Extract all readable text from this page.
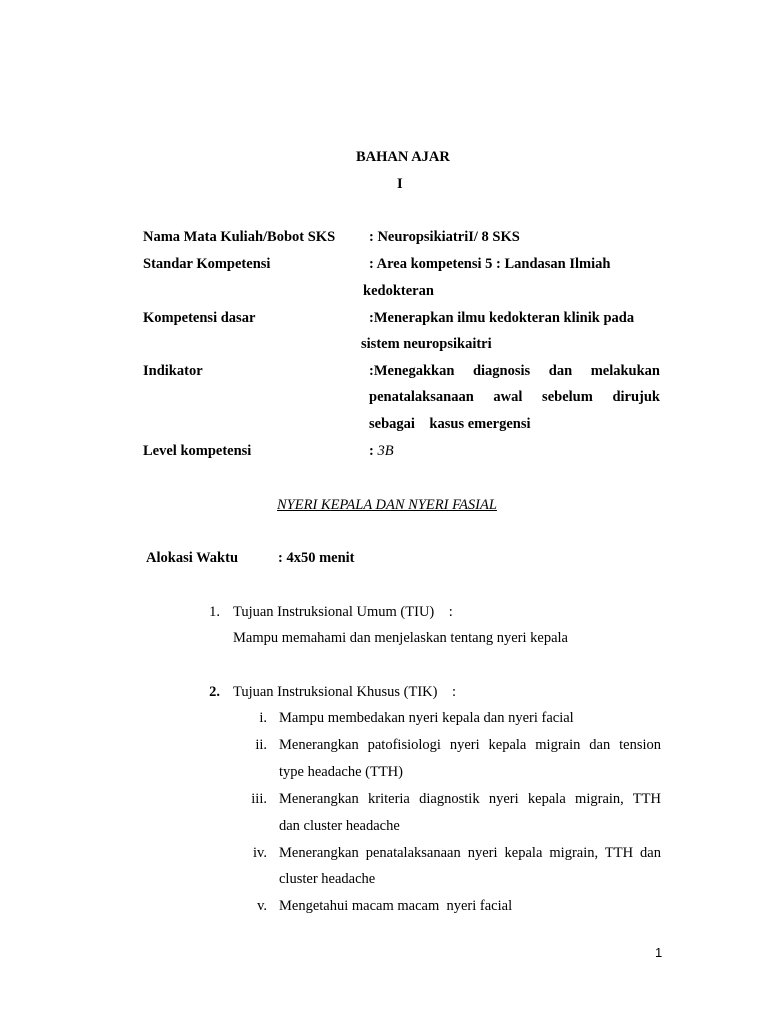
BAHAN AJAR
I
Nama Mata Kuliah/Bobot SKS : NeuropsikiatriI/ 8 SKS
Standar Kompetensi	: Area kompetensi 5 : Landasan Ilmiah
kedokteran
Kompetensi dasar	:Menerapkan ilmu kedokteran klinik pada
sistem neuropsikaitri
Indikator	:Menegakkan diagnosis dan melakukan
penatalaksanaan awal sebelum dirujuk
sebagai    kasus emergensi
Level kompetensi	: 3B
NYERI KEPALA DAN NYERI FASIAL
Alokasi Waktu	: 4x50 menit
1. Tujuan Instruksional Umum (TIU)    :
Mampu memahami dan menjelaskan tentang nyeri kepala
2. Tujuan Instruksional Khusus (TIK)    :
i. Mampu membedakan nyeri kepala dan nyeri facial
ii. Menerangkan patofisiologi nyeri kepala migrain dan tension
type headache (TTH)
iii. Menerangkan kriteria diagnostik nyeri kepala migrain, TTH
dan cluster headache
iv. Menerangkan penatalaksanaan nyeri kepala migrain, TTH dan
cluster headache
v. Mengetahui macam macam  nyeri facial
1
